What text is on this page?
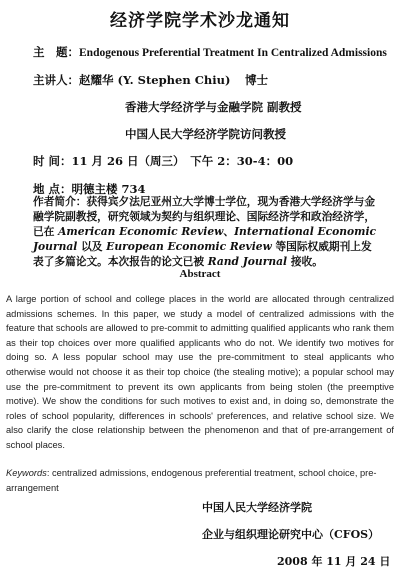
经济学院学术沙龙通知
主　题：Endogenous Preferential Treatment In Centralized Admissions
主讲人：赵耀华 (Y. Stephen Chiu) 博士
香港大学经济学与金融学院 副教授
中国人民大学经济学院访问教授
时 间：11 月 26 日（周三）　下午 2：30-4：00
地 点：明德主楼 734
作者简介：获得宾夕法尼亚州立大学博士学位，现为香港大学经济学与金融学院副教授，研究领域为契约与组织理论、国际经济学和政治经济学，已在 American Economic Review、International Economic Journal 以及 European Economic Review 等国际权威期刊上发表了多篇论文。本次报告的论文已被 Rand Journal 接收。
Abstract
A large portion of school and college places in the world are allocated through centralized admissions schemes. In this paper, we study a model of centralized admissions with the feature that schools are allowed to pre-commit to admitting qualified applicants who rank them as their top choices over more qualified applicants who do not. We identify two motives for doing so. A less popular school may use the pre-commitment to steal applicants who otherwise would not choose it as their top choice (the stealing motive); a popular school may use the pre-commitment to prevent its own applicants from being stolen (the preemptive motive). We show the conditions for such motives to exist and, in doing so, demonstrate the roles of school popularity, differences in schools' preferences, and relative school size. We also clarify the close relationship between the phenomenon and that of pre-arrangement of school places.
Keywords: centralized admissions, endogenous preferential treatment, school choice, pre-arrangement
中国人民大学经济学院
企业与组织理论研究中心（CFOS）
2008 年 11 月 24 日
